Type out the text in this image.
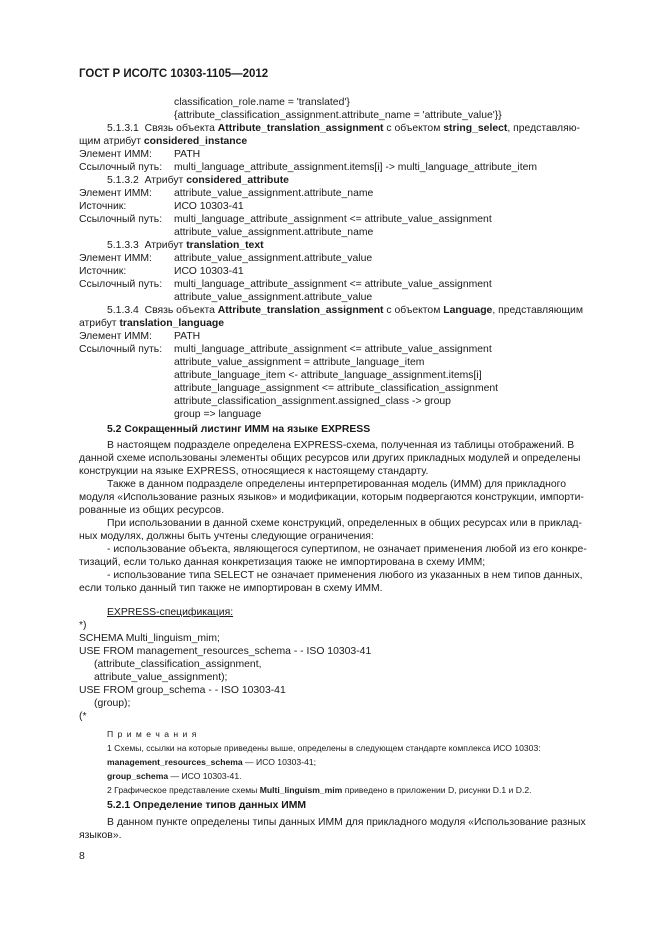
ГОСТ Р ИСО/ТС 10303-1105—2012
classification_role.name = 'translated'}
{attribute_classification_assignment.attribute_name = 'attribute_value'}}
5.1.3.1 Связь объекта Attribute_translation_assignment с объектом string_select, представляю-
щим атрибут considered_instance
Элемент ИММ: PATH
Ссылочный путь: multi_language_attribute_assignment.items[i] -> multi_language_attribute_item
5.1.3.2 Атрибут considered_attribute
Элемент ИММ: attribute_value_assignment.attribute_name
Источник:	ИСО 10303-41
Ссылочный путь: multi_language_attribute_assignment <= attribute_value_assignment
attribute_value_assignment.attribute_name
5.1.3.3 Атрибут translation_text
Элемент ИММ: attribute_value_assignment.attribute_value
Источник:	ИСО 10303-41
Ссылочный путь: multi_language_attribute_assignment <= attribute_value_assignment
attribute_value_assignment.attribute_value
5.1.3.4 Связь объекта Attribute_translation_assignment с объектом Language, представляющим
атрибут translation_language
Элемент ИММ: PATH
Ссылочный путь: multi_language_attribute_assignment <= attribute_value_assignment
attribute_value_assignment = attribute_language_item
attribute_language_item <- attribute_language_assignment.items[i]
attribute_language_assignment <= attribute_classification_assignment
attribute_classification_assignment.assigned_class -> group
group => language
5.2 Сокращенный листинг ИММ на языке EXPRESS
В настоящем подразделе определена EXPRESS-схема, полученная из таблицы отображений. В
данной схеме использованы элементы общих ресурсов или других прикладных модулей и определены
конструкции на языке EXPRESS, относящиеся к настоящему стандарту.
Также в данном подразделе определены интерпретированная модель (ИММ) для прикладного
модуля «Использование разных языков» и модификации, которым подвергаются конструкции, импорти-
рованные из общих ресурсов.
При использовании в данной схеме конструкций, определенных в общих ресурсах или в приклад-
ных модулях, должны быть учтены следующие ограничения:
- использование объекта, являющегося супертипом, не означает применения любой из его конкре-
тизаций, если только данная конкретизация также не импортирована в схему ИММ;
- использование типа SELECT не означает применения любого из указанных в нем типов данных,
если только данный тип также не импортирован в схему ИММ.
EXPRESS-спецификация:
*)
SCHEMA Multi_linguism_mim;
USE FROM management_resources_schema - - ISO 10303-41
(attribute_classification_assignment,
attribute_value_assignment);
USE FROM group_schema - - ISO 10303-41
(group);
(*
П р и м е ч а н и я
1 Схемы, ссылки на которые приведены выше, определены в следующем стандарте комплекса ИСО 10303:
management_resources_schema — ИСО 10303-41;
group_schema — ИСО 10303-41.
2 Графическое представление схемы Multi_linguism_mim приведено в приложении D, рисунки D.1 и D.2.
5.2.1 Определение типов данных ИММ
В данном пункте определены типы данных ИММ для прикладного модуля «Использование разных
языков».
8
